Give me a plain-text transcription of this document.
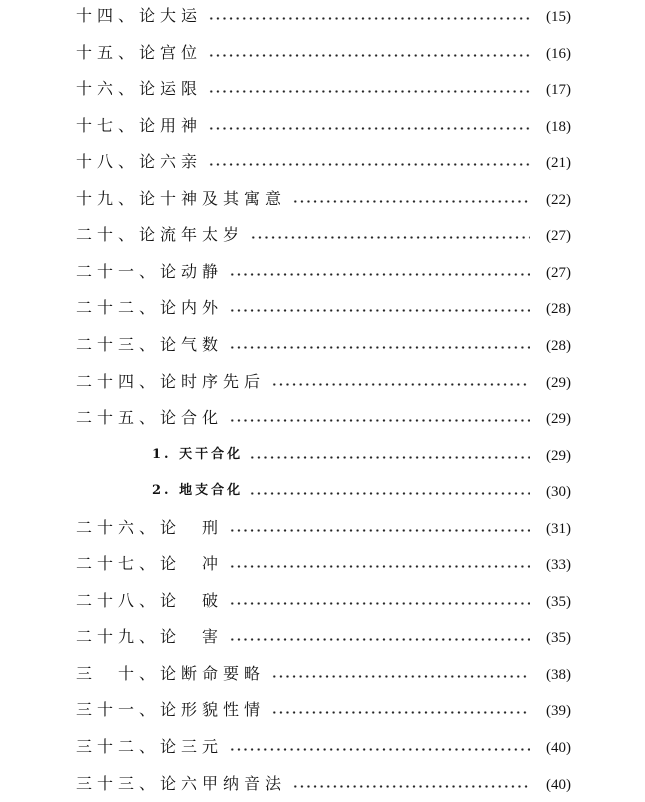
十四、论大运	(15)
十五、论宫位	(16)
十六、论运限	(17)
十七、论用神	(18)
十八、论六亲	(21)
十九、论十神及其寓意	(22)
二十、论流年太岁	(27)
二十一、论动静	(27)
二十二、论内外	(28)
二十三、论气数	(28)
二十四、论时序先后	(29)
二十五、论合化	(29)
1. 天干合化	(29)
2. 地支合化	(30)
二十六、论　刑	(31)
二十七、论　冲	(33)
二十八、论　破	(35)
二十九、论　害	(35)
三　十、论断命要略	(38)
三十一、论形貌性情	(39)
三十二、论三元	(40)
三十三、论六甲纳音法	(40)
